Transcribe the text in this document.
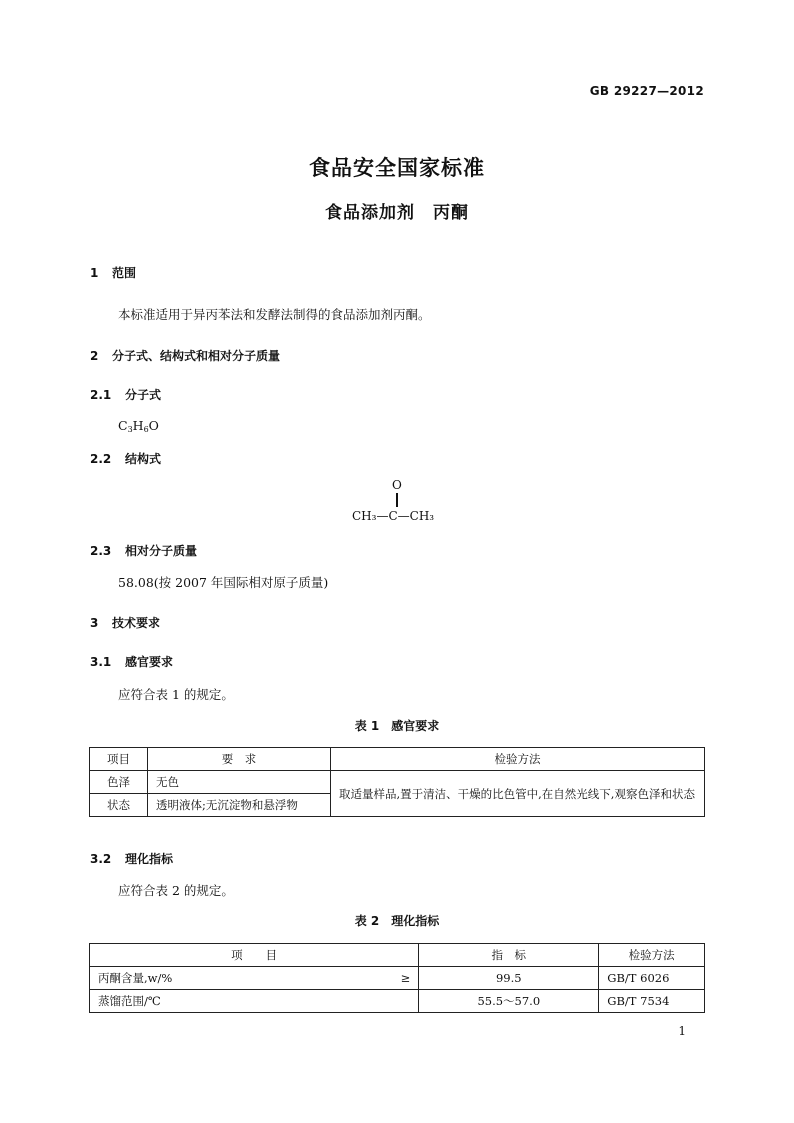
GB 29227—2012
食品安全国家标准
食品添加剂　丙酮
1 范围
本标准适用于异丙苯法和发酵法制得的食品添加剂丙酮。
2 分子式、结构式和相对分子质量
2.1 分子式
$C_3H_6O$
2.2 结构式
O
CH₃—C—CH₃
2.3 相对分子质量
58.08(按 2007 年国际相对原子质量)
3 技术要求
3.1 感官要求
应符合表 1 的规定。
表 1　感官要求
项目	要　求	检验方法
色泽	无色	取适量样品,置于清洁、干燥的比色管中,在自然光线下,观察色泽和状态
状态	透明液体;无沉淀物和悬浮物	
3.2 理化指标
应符合表 2 的规定。
表 2　理化指标
项　　目		指　标	检验方法
丙酮含量,w/%	≥	99.5	GB/T 6026
蒸馏范围/℃		55.5～57.0	GB/T 7534
1
